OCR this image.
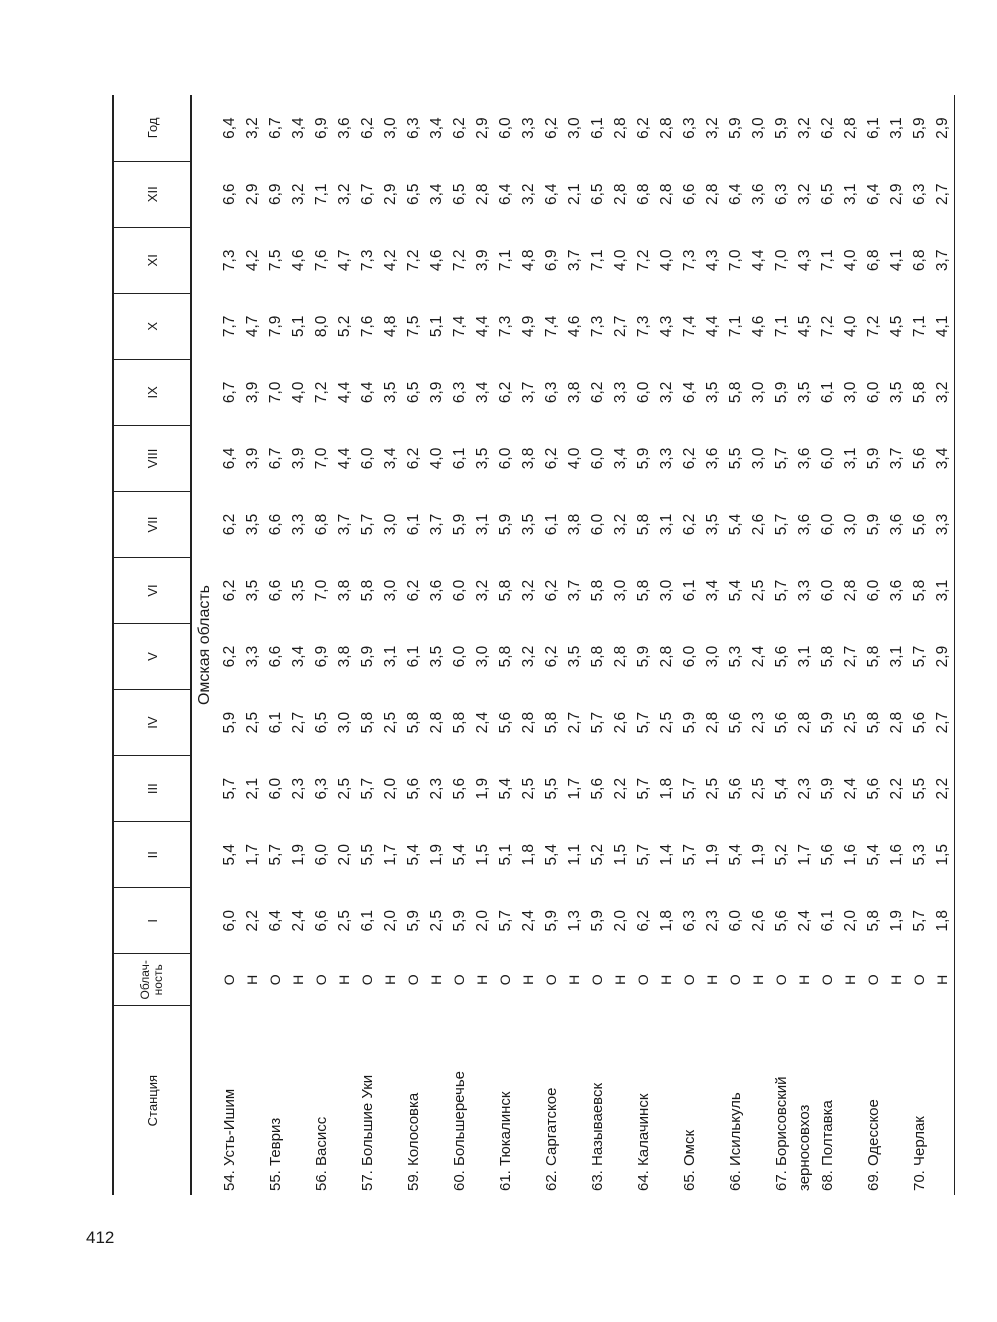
412
Станция	Облач-ность	I	II	III	IV	V	VI	VII	VIII	IX	X	XI	XII	Год
Омская область														
54. Усть-Ишим	О	6,0	5,4	5,7	5,9	6,2	6,2	6,2	6,4	6,7	7,7	7,3	6,6	6,4
	Н	2,2	1,7	2,1	2,5	3,3	3,5	3,5	3,9	3,9	4,7	4,2	2,9	3,2
55. Тевриз	О	6,4	5,7	6,0	6,1	6,6	6,6	6,6	6,7	7,0	7,9	7,5	6,9	6,7
	Н	2,4	1,9	2,3	2,7	3,4	3,5	3,3	3,9	4,0	5,1	4,6	3,2	3,4
56. Васисс	О	6,6	6,0	6,3	6,5	6,9	7,0	6,8	7,0	7,2	8,0	7,6	7,1	6,9
	Н	2,5	2,0	2,5	3,0	3,8	3,8	3,7	4,4	4,4	5,2	4,7	3,2	3,6
57. Большие Уки	О	6,1	5,5	5,7	5,8	5,9	5,8	5,7	6,0	6,4	7,6	7,3	6,7	6,2
	Н	2,0	1,7	2,0	2,5	3,1	3,0	3,0	3,4	3,5	4,8	4,2	2,9	3,0
59. Колосовка	О	5,9	5,4	5,6	5,8	6,1	6,2	6,1	6,2	6,5	7,5	7,2	6,5	6,3
	Н	2,5	1,9	2,3	2,8	3,5	3,6	3,7	4,0	3,9	5,1	4,6	3,4	3,4
60. Большеречье	О	5,9	5,4	5,6	5,8	6,0	6,0	5,9	6,1	6,3	7,4	7,2	6,5	6,2
	Н	2,0	1,5	1,9	2,4	3,0	3,2	3,1	3,5	3,4	4,4	3,9	2,8	2,9
61. Тюкалинск	О	5,7	5,1	5,4	5,6	5,8	5,8	5,9	6,0	6,2	7,3	7,1	6,4	6,0
	Н	2,4	1,8	2,5	2,8	3,2	3,2	3,5	3,8	3,7	4,9	4,8	3,2	3,3
62. Саргатское	О	5,9	5,4	5,5	5,8	6,2	6,2	6,1	6,2	6,3	7,4	6,9	6,4	6,2
	Н	1,3	1,1	1,7	2,7	3,5	3,7	3,8	4,0	3,8	4,6	3,7	2,1	3,0
63. Называевск	О	5,9	5,2	5,6	5,7	5,8	5,8	6,0	6,0	6,2	7,3	7,1	6,5	6,1
	Н	2,0	1,5	2,2	2,6	2,8	3,0	3,2	3,4	3,3	2,7	4,0	2,8	2,8
64. Калачинск	О	6,2	5,7	5,7	5,7	5,9	5,8	5,8	5,9	6,0	7,3	7,2	6,8	6,2
	Н	1,8	1,4	1,8	2,5	2,8	3,0	3,1	3,3	3,2	4,3	4,0	2,8	2,8
65. Омск	О	6,3	5,7	5,7	5,9	6,0	6,1	6,2	6,2	6,4	7,4	7,3	6,6	6,3
	Н	2,3	1,9	2,5	2,8	3,0	3,4	3,5	3,6	3,5	4,4	4,3	2,8	3,2
66. Исилькуль	О	6,0	5,4	5,6	5,6	5,3	5,4	5,4	5,5	5,8	7,1	7,0	6,4	5,9
	Н	2,6	1,9	2,5	2,3	2,4	2,5	2,6	3,0	3,0	4,6	4,4	3,6	3,0
67. Борисовский	О	5,6	5,2	5,4	5,6	5,6	5,7	5,7	5,7	5,9	7,1	7,0	6,3	5,9
зерносовхоз	Н	2,4	1,7	2,3	2,8	3,1	3,3	3,6	3,6	3,5	4,5	4,3	3,2	3,2
68. Полтавка	О	6,1	5,6	5,9	5,9	5,8	6,0	6,0	6,0	6,1	7,2	7,1	6,5	6,2
	Н	2,0	1,6	2,4	2,5	2,7	2,8	3,0	3,1	3,0	4,0	4,0	3,1	2,8
69. Одесское	О	5,8	5,4	5,6	5,8	5,8	6,0	5,9	5,9	6,0	7,2	6,8	6,4	6,1
	Н	1,9	1,6	2,2	2,8	3,1	3,6	3,6	3,7	3,5	4,5	4,1	2,9	3,1
70. Черлак	О	5,7	5,3	5,5	5,6	5,7	5,8	5,6	5,6	5,8	7,1	6,8	6,3	5,9
	Н	1,8	1,5	2,2	2,7	2,9	3,1	3,3	3,4	3,2	4,1	3,7	2,7	2,9
